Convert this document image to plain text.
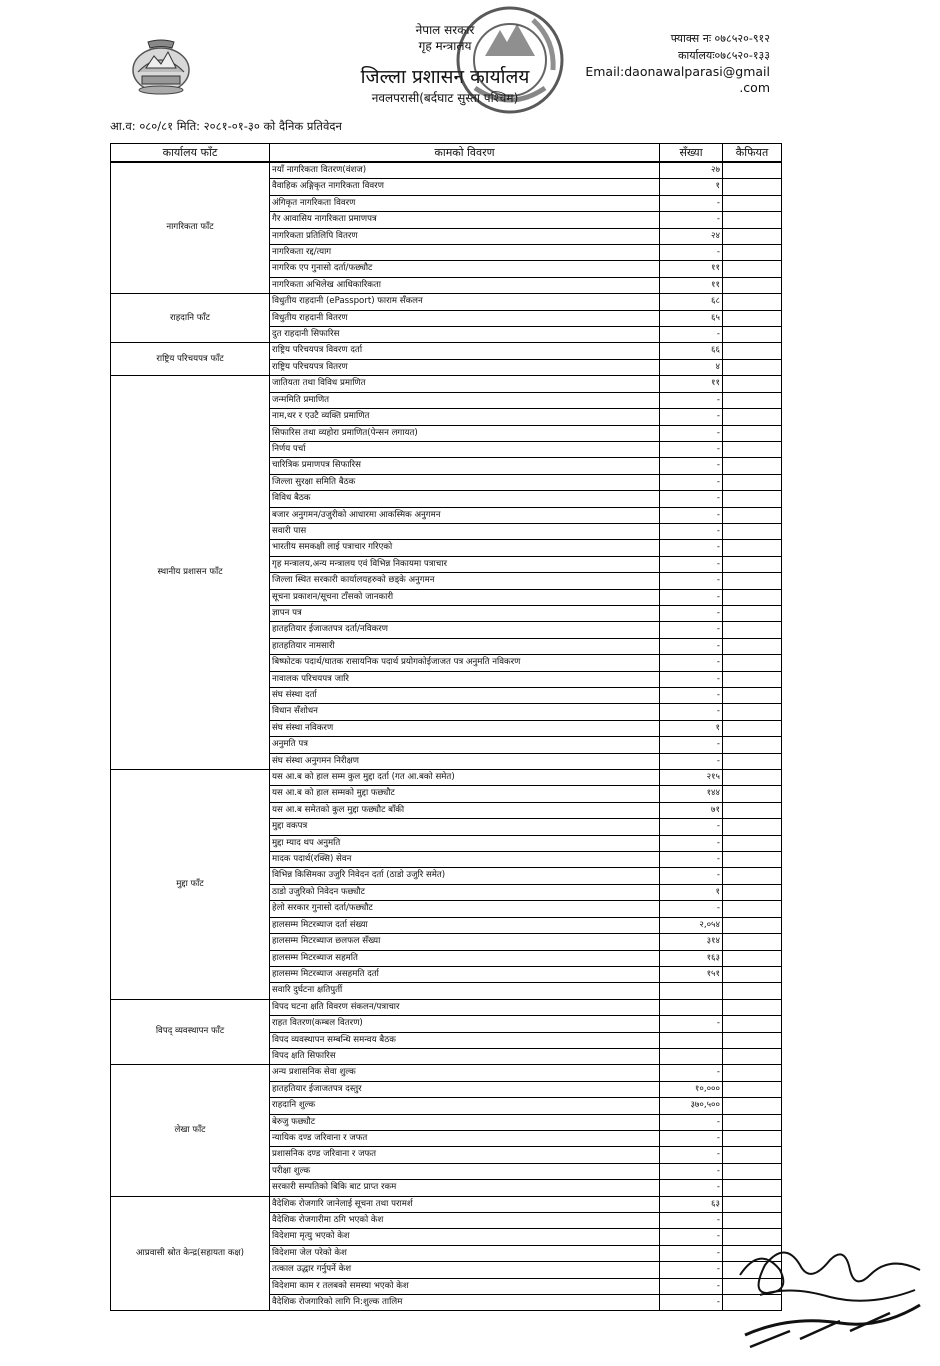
नेपाल सरकार
गृह मन्त्रालय
जिल्ला प्रशासन कार्यालय
नवलपरासी(बर्दघाट सुस्ता पश्चिम)
फ्याक्स नः ०७८५२०-९१२
कार्यालयः०७८५२०-१३३
Email:daonawalparasi@gmail
.com
आ.व: ०८०/८१ मिति: २०८१-०१-३० को दैनिक प्रतिवेदन
कार्यालय फाँट	कामको विवरण	सँख्या	कैफियत
नागरिकता फाँट	नयाँ नागरिकता वितरण(वंशज)	२७	
	वैवाहिक अङ्गिकृत नागरिकता विवरण	१	
	अंगिकृत नागरिकता विवरण	-	
	गैर आवासिय नागरिकता प्रमाणपत्र	-	
	नागरिकता प्रतिलिपि वितरण	२४	
	नागरिकता रद्द/त्याग	-	
	नागरिक एप गुनासो दर्ता/फछ्यौट	११	
	नागरिकता अभिलेख आधिकारिकता	११	
राहदानि फाँट	विधुतीय राहदानी (ePassport) फाराम सँकलन	६८	
	विधुतीय राहदानी वितरण	६५	
	दुत राहदानी सिफारिस	-	
राष्ट्रिय परिचयपत्र फाँट	राष्ट्रिय परिचयपत्र विवरण दर्ता	६६	
	राष्ट्रिय परिचयपत्र वितरण	४	
स्थानीय प्रशासन फाँट	जातियता तथा विविध प्रमाणित	११	
	जन्ममिति प्रमाणित	-	
	नाम,थर र एउटै व्यक्ति प्रमाणित	-	
	सिफारिस तथा व्यहोरा प्रमाणित(पेन्सन लगायत)	-	
	निर्णय पर्चा	-	
	चारित्रिक प्रमाणपत्र सिफारिस	-	
	जिल्ला सुरक्षा समिति बैठक	-	
	विविध बैठक	-	
	बजार अनुगमन/उजुरीको आधारमा आकस्मिक अनुगमन	-	
	सवारी पास	-	
	भारतीय समकक्षी लाई पत्राचार गरिएको	-	
	गृह मन्त्रालय,अन्य मन्त्रालय एवं विभिन्न निकायमा पत्राचार	-	
	जिल्ला स्थित सरकारी कार्यालयहरुको छड्के अनुगमन	-	
	सूचना प्रकाशन/सूचना टाँसको जानकारी	-	
	ज्ञापन पत्र	-	
	हातहतियार ईजाजतपत्र दर्ता/नविकरण	-	
	हातहतियार नामसारी	-	
	बिष्फोटक पदार्थ/घातक रासायनिक पदार्थ प्रयोगकोईजाजत पत्र अनुमति नविकरण	-	
	नावालक परिचयपत्र जारि	-	
	संघ संस्था दर्ता	-	
	विधान सँशोधन	-	
	संघ संस्था नविकरण	१	
	अनुमति पत्र	-	
	संघ संस्था अनुगमन निरीक्षण	-	
मुद्दा फाँट	यस आ.ब को हाल सम्म कुल मुद्दा दर्ता (गत आ.बको समेत)	२१५	
	यस आ.ब को हाल सम्मको मुद्दा फछ्यौट	१४४	
	यस आ.ब समेतको कुल मुद्दा फछ्यौट बाँकी	७१	
	मुद्दा वकपत्र	-	
	मुद्दा म्याद थप अनुमति	-	
	मादक पदार्थ(रक्सि) सेवन	-	
	विभिन्न किसिमका उजुरि निवेदन दर्ता (ठाडो उजुरि समेत)	-	
	ठाडो उजुरिको निवेदन फछ्यौट	१	
	हेलो सरकार गुनासो दर्ता/फछ्यौट	-	
	हालसम्म मिटरब्याज दर्ता संख्या	२,०५४	
	हालसम्म मिटरब्याज छलफल सँख्या	३१४	
	हालसम्म मिटरब्याज सहमति	१६३	
	हालसम्म मिटरब्याज असहमति दर्ता	१५१	
	सवारि दुर्घटना क्षतिपुर्ती		
विपद् व्यवस्थापन फाँट	विपद घटना क्षति विवरण संकलन/पत्राचार		
	राहत वितरण(कम्बल वितरण)	-	
	विपद व्यवस्थापन सम्बन्धि समन्वय बैठक		
	विपद क्षति सिफारिस		
लेखा फाँट	अन्य प्रशासनिक सेवा शुल्क	-	
	हातहतियार ईजाजतपत्र दस्तुर	१०,०००	
	राहदानि शुल्क	३७०,५००	
	बेरुजु फछ्यौट	-	
	न्यायिक दण्ड जरिवाना र जफत	-	
	प्रशासनिक दण्ड जरिवाना र जफत	-	
	परीक्षा शुल्क	-	
	सरकारी सम्पतिको बिकि बाट प्राप्त रकम	-	
आप्रवासी स्रोत केन्द्र(सहायता कक्ष)	वैदेशिक रोजगारि जानेलाई सूचना तथा परामर्श	६३	
	वैदेशिक रोजगारीमा ठगि भएको केश	-	
	विदेशमा मृत्यु भएको केश	-	
	विदेशमा जेल परेको केश	-	
	तत्काल उद्धार गर्नुपर्ने केश	-	
	विदेशमा काम र तलबको समस्या भएको केश	-	
	वैदेशिक रोजगारिको लागि नि:शुल्क तालिम	-	
